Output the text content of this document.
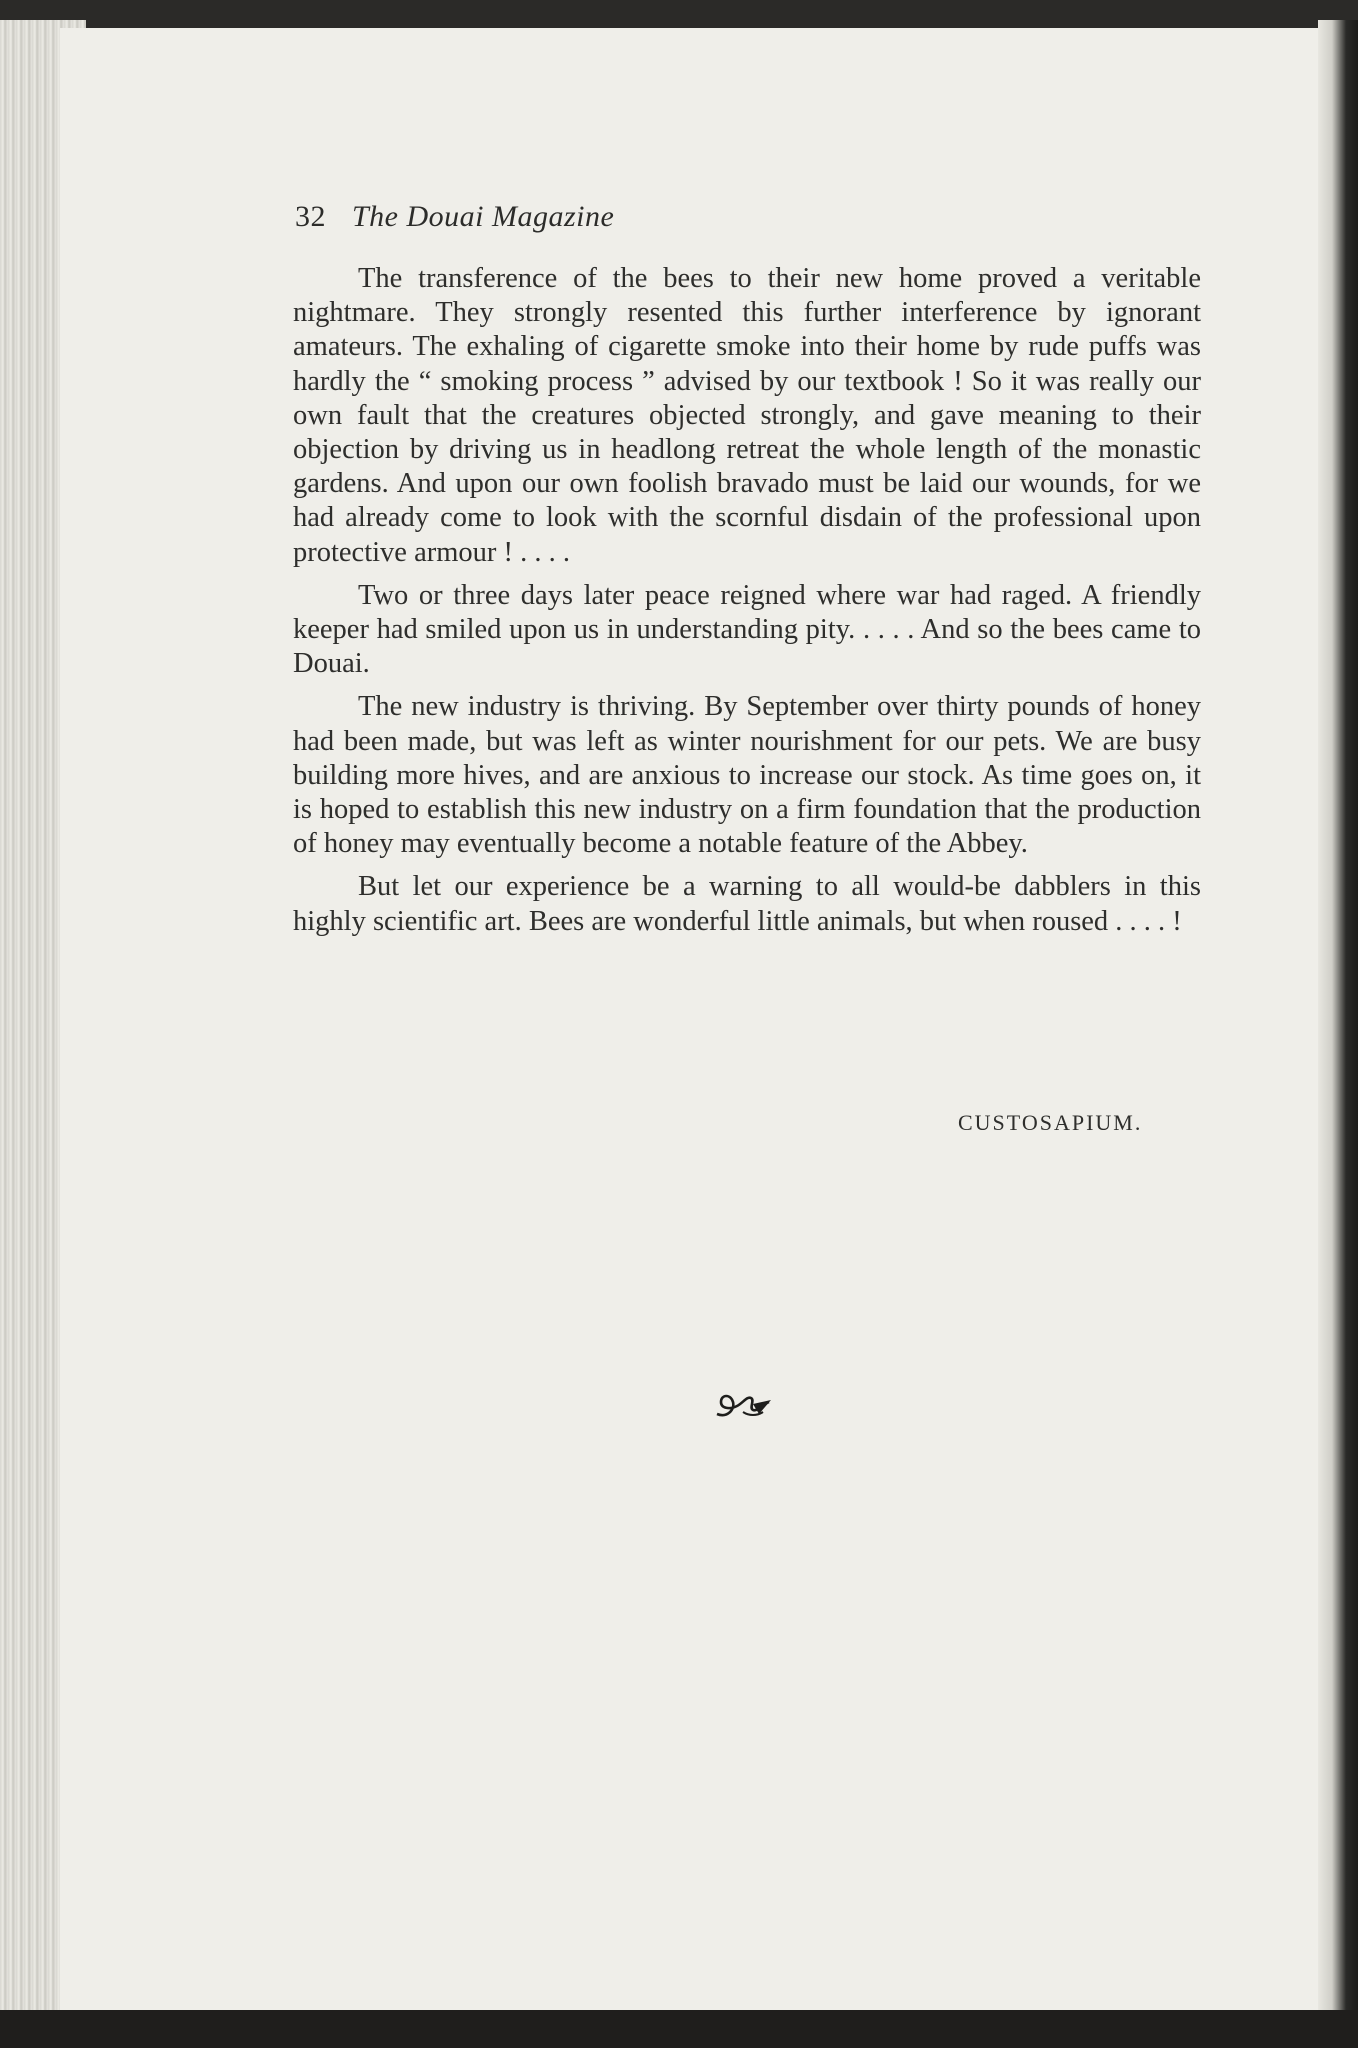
32 The Douai Magazine

The transference of the bees to their new home proved a veritable nightmare. They strongly resented this further interference by ignorant amateurs. The exhaling of cigarette smoke into their home by rude puffs was hardly the “ smoking process ” advised by our textbook ! So it was really our own fault that the creatures objected strongly, and gave meaning to their objection by driving us in headlong retreat the whole length of the monastic gardens. And upon our own foolish bravado must be laid our wounds, for we had already come to look with the scornful disdain of the professional upon protective armour ! . . . .

Two or three days later peace reigned where war had raged. A friendly keeper had smiled upon us in understanding pity. . . . . And so the bees came to Douai.

The new industry is thriving. By September over thirty pounds of honey had been made, but was left as winter nourishment for our pets. We are busy building more hives, and are anxious to increase our stock. As time goes on, it is hoped to establish this new industry on a firm foundation that the production of honey may eventually become a notable feature of the Abbey.

But let our experience be a warning to all would-be dabblers in this highly scientific art. Bees are wonderful little animals, but when roused . . . . !

CUSTOSAPIUM.
